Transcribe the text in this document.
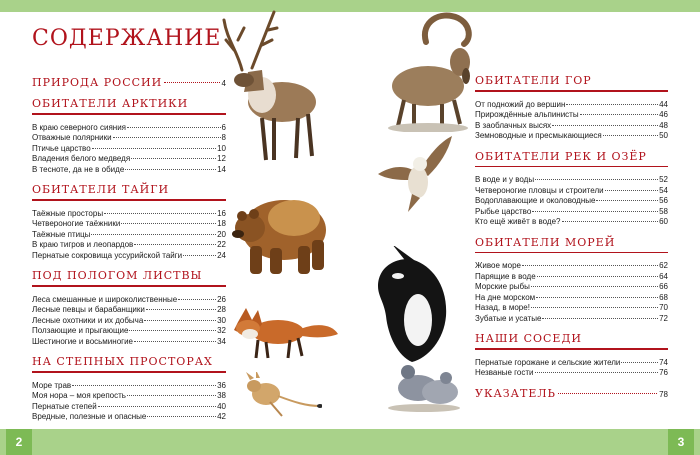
СОДЕРЖАНИЕ
ПРИРОДА РОССИИ	4
ОБИТАТЕЛИ АРКТИКИ
В краю северного сияния	6
Отважные полярники	8
Птичье царство	10
Владения белого медведя	12
В тесноте, да не в обиде	14
ОБИТАТЕЛИ ТАЙГИ
Таёжные просторы	16
Четвероногие таёжники	18
Таёжные птицы	20
В краю тигров и леопардов	22
Пернатые сокровища уссурийской тайги	24
ПОД ПОЛОГОМ ЛИСТВЫ
Леса смешанные и широколиственные	26
Лесные певцы и барабанщики	28
Лесные охотники и их добыча	30
Ползающие и прыгающие	32
Шестиногие и восьминогие	34
НА СТЕПНЫХ ПРОСТОРАХ
Море трав	36
Моя нора – моя крепость	38
Пернатые степей	40
Вредные, полезные и опасные	42
ОБИТАТЕЛИ ГОР
От подножий до вершин	44
Прирождённые альпинисты	46
В заоблачных высях	48
Земноводные и пресмыкающиеся	50
ОБИТАТЕЛИ РЕК И ОЗЁР
В воде и у воды	52
Четвероногие пловцы и строители	54
Водоплавающие и околоводные	56
Рыбье царство	58
Кто ещё живёт в воде?	60
ОБИТАТЕЛИ МОРЕЙ
Живое море	62
Парящие в воде	64
Морские рыбы	66
На дне морском	68
Назад, в море!	70
Зубатые и усатые	72
НАШИ СОСЕДИ
Пернатые горожане и сельские жители	74
Незваные гости	76
УКАЗАТЕЛЬ	78
2	3
